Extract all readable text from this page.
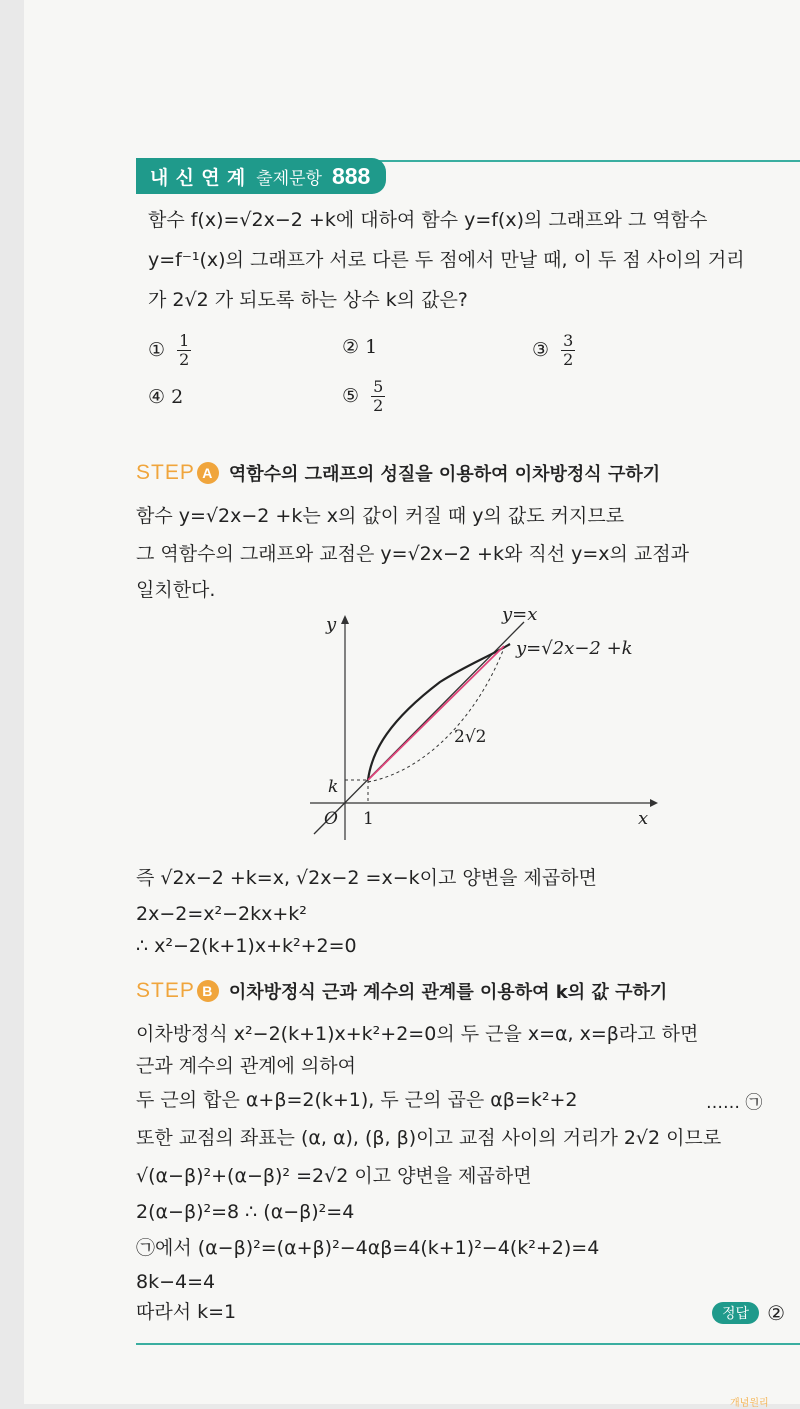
내 신 연 계 출제문항 888
함수 f(x)=√2x−2 +k에 대하여 함수 y=f(x)의 그래프와 그 역함수
y=f⁻¹(x)의 그래프가 서로 다른 두 점에서 만날 때, 이 두 점 사이의 거리
가 2√2 가 되도록 하는 상수 k의 값은?
① $\frac{1}{2}$	② 1	③ $\frac{3}{2}$
④ 2	⑤ $\frac{5}{2}$
STEP A 역함수의 그래프의 성질을 이용하여 이차방정식 구하기
함수 y=√2x−2 +k는 x의 값이 커질 때 y의 값도 커지므로
그 역함수의 그래프와 교점은 y=√2x−2 +k와 직선 y=x의 교점과
일치한다.
y
x
O
k
1
y=x
y=√2x−2 +k
2√2
즉 √2x−2 +k=x, √2x−2 =x−k이고 양변을 제곱하면
2x−2=x²−2kx+k²
∴ x²−2(k+1)x+k²+2=0
STEP B 이차방정식 근과 계수의 관계를 이용하여 k의 값 구하기
이차방정식 x²−2(k+1)x+k²+2=0의 두 근을 x=α, x=β라고 하면
근과 계수의 관계에 의하여
두 근의 합은 α+β=2(k+1), 두 근의 곱은 αβ=k²+2	…… ㉠
또한 교점의 좌표는 (α, α), (β, β)이고 교점 사이의 거리가 2√2 이므로
√(α−β)²+(α−β)² =2√2 이고 양변을 제곱하면
2(α−β)²=8 ∴ (α−β)²=4
㉠에서 (α−β)²=(α+β)²−4αβ=4(k+1)²−4(k²+2)=4
8k−4=4
따라서 k=1	정답 ②
개념원리
